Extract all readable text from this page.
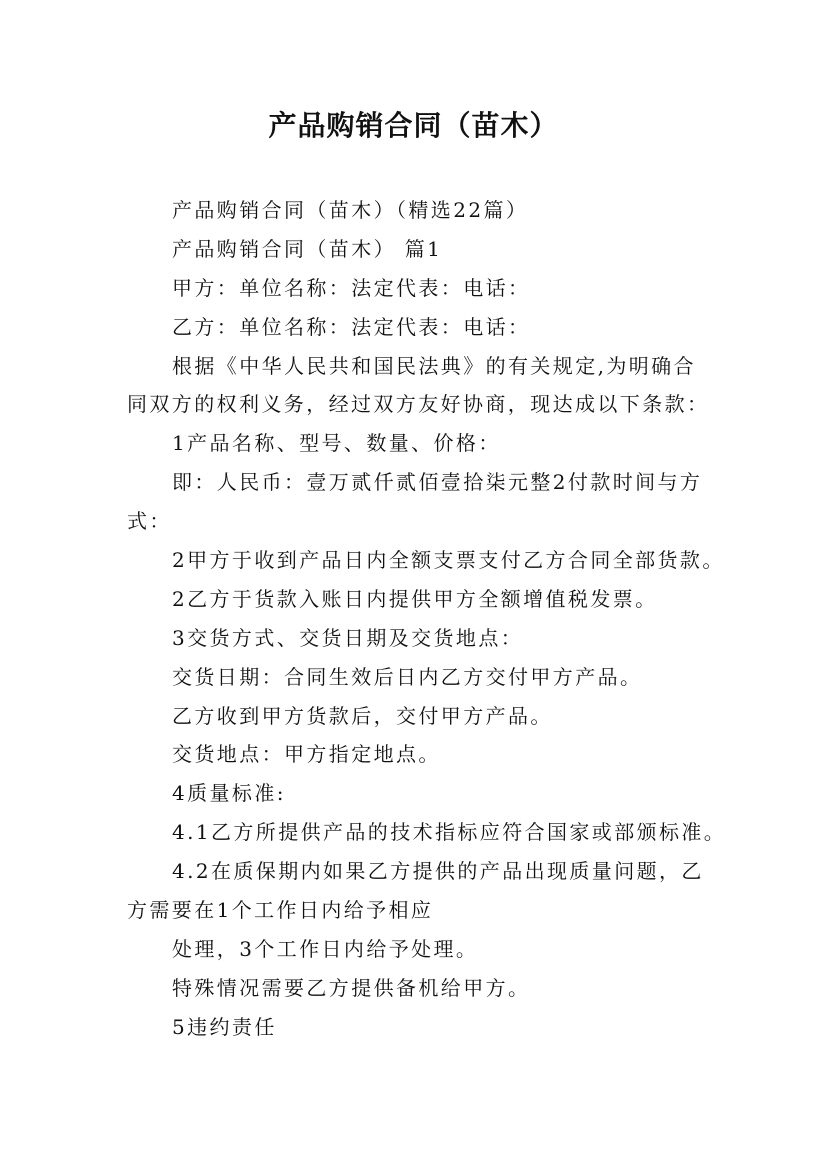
产品购销合同（苗木）
产品购销合同（苗木）（精选22篇）
产品购销合同（苗木） 篇1
甲方：单位名称：法定代表：电话：
乙方：单位名称：法定代表：电话：
根据《中华人民共和国民法典》的有关规定,为明确合
同双方的权利义务，经过双方友好协商，现达成以下条款：
1产品名称、型号、数量、价格：
即：人民币：壹万贰仟贰佰壹拾柒元整2付款时间与方
式：
2甲方于收到产品日内全额支票支付乙方合同全部货款。
2乙方于货款入账日内提供甲方全额增值税发票。
3交货方式、交货日期及交货地点：
交货日期：合同生效后日内乙方交付甲方产品。
乙方收到甲方货款后，交付甲方产品。
交货地点：甲方指定地点。
4质量标准:
4.1乙方所提供产品的技术指标应符合国家或部颁标准。
4.2在质保期内如果乙方提供的产品出现质量问题，乙
方需要在1个工作日内给予相应
处理，3个工作日内给予处理。
特殊情况需要乙方提供备机给甲方。
5违约责任
